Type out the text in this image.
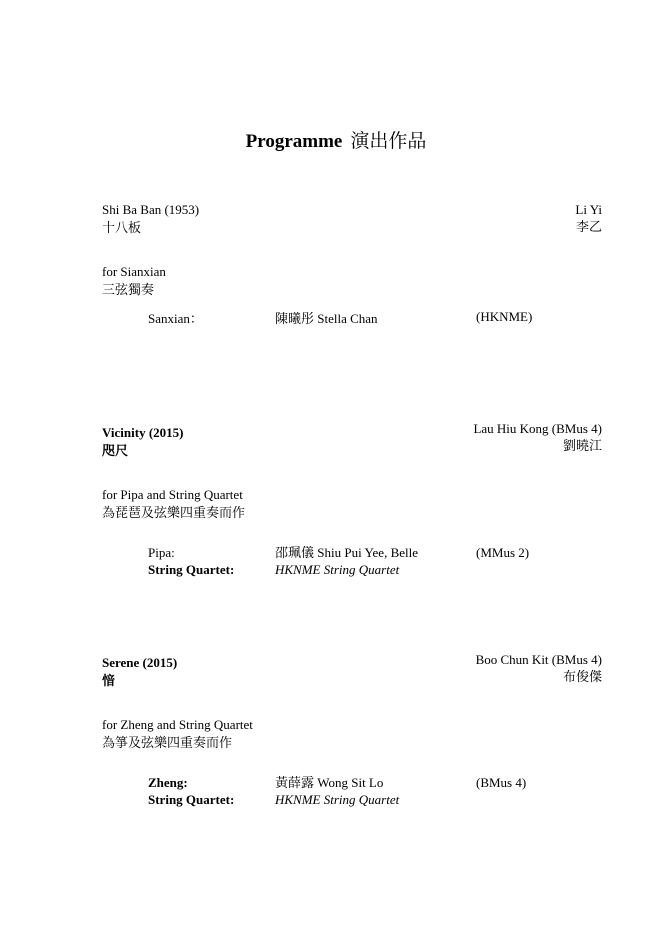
Programme 演出作品
Shi Ba Ban (1953)
十八板
Li Yi
李乙
for Sianxian
三弦獨奏
Sanxian：	陳曦彤 Stella Chan	(HKNME)
Vicinity (2015)
咫尺
Lau Hiu Kong (BMus 4)
劉曉江
for Pipa and String Quartet
為琵琶及弦樂四重奏而作
Pipa:	邵珮儀 Shiu Pui Yee, Belle	(MMus 2)
String Quartet:	HKNME String Quartet
Serene (2015)
愔
Boo Chun Kit (BMus 4)
布俊傑
for Zheng and String Quartet
為箏及弦樂四重奏而作
Zheng:	黃薛露 Wong Sit Lo	(BMus 4)
String Quartet:	HKNME String Quartet
